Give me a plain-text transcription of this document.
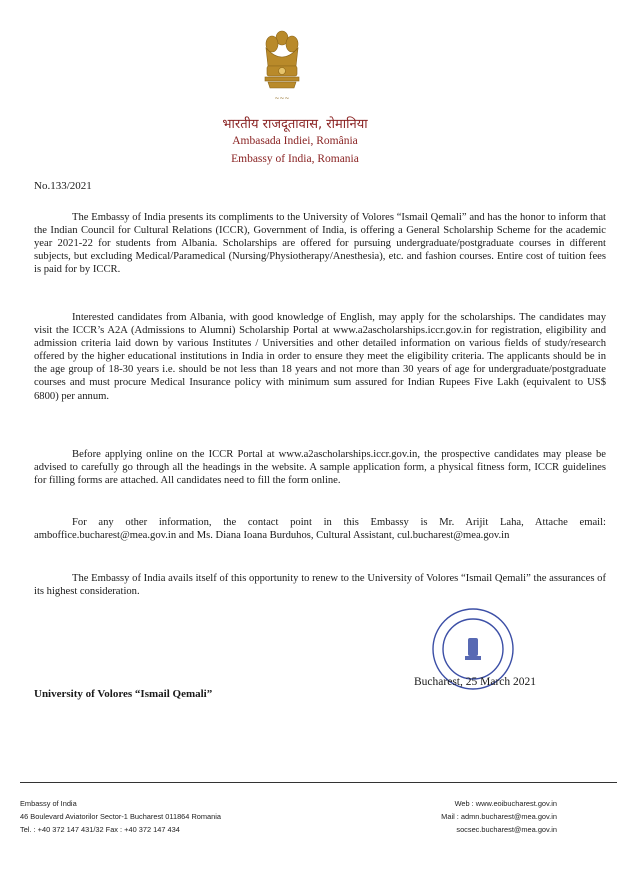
~~~
भारतीय राजदूतावास, रोमानिया
Ambasada Indiei, România
Embassy of India, Romania
No.133/2021

The Embassy of India presents its compliments to the University of Volores “Ismail Qemali” and has the honor to inform that the Indian Council for Cultural Relations (ICCR), Government of India, is offering a General Scholarship Scheme for the academic year 2021-22 for students from Albania. Scholarships are offered for pursuing undergraduate/postgraduate courses in different subjects, but excluding Medical/Paramedical (Nursing/Physiotherapy/Anesthesia), etc. and fashion courses. Entire cost of tuition fees is paid for by ICCR.

Interested candidates from Albania, with good knowledge of English, may apply for the scholarships. The candidates may visit the ICCR’s A2A (Admissions to Alumni) Scholarship Portal at www.a2ascholarships.iccr.gov.in for registration, eligibility and admission criteria laid down by various Institutes / Universities and other detailed information on various fields of study/research offered by the higher educational institutions in India in order to ensure they meet the eligibility criteria. The applicants should be in the age group of 18-30 years i.e. should be not less than 18 years and not more than 30 years of age for undergraduate/postgraduate courses and must procure Medical Insurance policy with minimum sum assured for Indian Rupees Five Lakh (equivalent to US$ 6800) per annum.

Before applying online on the ICCR Portal at www.a2ascholarships.iccr.gov.in, the prospective candidates may please be advised to carefully go through all the headings in the website. A sample application form, a physical fitness form, ICCR guidelines for filling forms are attached. All candidates need to fill the form online.

For any other information, the contact point in this Embassy is Mr. Arijit Laha, Attache email: amboffice.bucharest@mea.gov.in and Ms. Diana Ioana Burduhos, Cultural Assistant, cul.bucharest@mea.gov.in

The Embassy of India avails itself of this opportunity to renew to the University of Volores “Ismail Qemali” the assurances of its highest consideration.

Bucharest, 25 March 2021
University of Volores “Ismail Qemali”
Embassy of India
46 Boulevard Aviatorilor Sector-1 Bucharest 011864 Romania
Tel. : +40 372 147 431/32 Fax : +40 372 147 434
Web : www.eoibucharest.gov.in
Mail : admn.bucharest@mea.gov.in
socsec.bucharest@mea.gov.in
